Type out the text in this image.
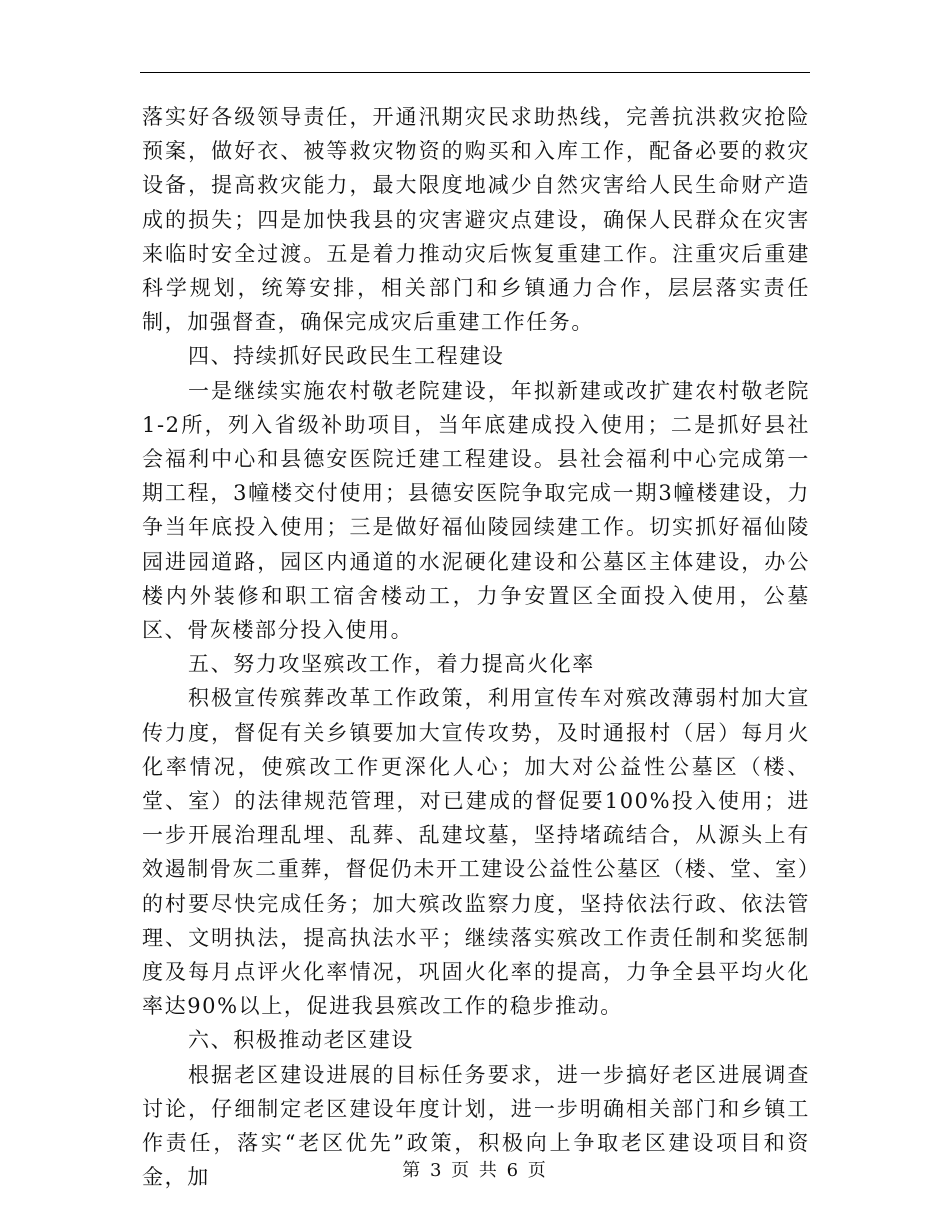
落实好各级领导责任，开通汛期灾民求助热线，完善抗洪救灾抢险预案，做好衣、被等救灾物资的购买和入库工作，配备必要的救灾设备，提高救灾能力，最大限度地减少自然灾害给人民生命财产造成的损失；四是加快我县的灾害避灾点建设，确保人民群众在灾害来临时安全过渡。五是着力推动灾后恢复重建工作。注重灾后重建科学规划，统筹安排，相关部门和乡镇通力合作，层层落实责任制，加强督查，确保完成灾后重建工作任务。

四、持续抓好民政民生工程建设

一是继续实施农村敬老院建设，年拟新建或改扩建农村敬老院1-2所，列入省级补助项目，当年底建成投入使用；二是抓好县社会福利中心和县德安医院迁建工程建设。县社会福利中心完成第一期工程，3幢楼交付使用；县德安医院争取完成一期3幢楼建设，力争当年底投入使用；三是做好福仙陵园续建工作。切实抓好福仙陵园进园道路，园区内通道的水泥硬化建设和公墓区主体建设，办公楼内外装修和职工宿舍楼动工，力争安置区全面投入使用，公墓区、骨灰楼部分投入使用。

五、努力攻坚殡改工作，着力提高火化率

积极宣传殡葬改革工作政策，利用宣传车对殡改薄弱村加大宣传力度，督促有关乡镇要加大宣传攻势，及时通报村（居）每月火化率情况，使殡改工作更深化人心；加大对公益性公墓区（楼、堂、室）的法律规范管理，对已建成的督促要100%投入使用；进一步开展治理乱埋、乱葬、乱建坟墓，坚持堵疏结合，从源头上有效遏制骨灰二重葬，督促仍未开工建设公益性公墓区（楼、堂、室）的村要尽快完成任务；加大殡改监察力度，坚持依法行政、依法管理、文明执法，提高执法水平；继续落实殡改工作责任制和奖惩制度及每月点评火化率情况，巩固火化率的提高，力争全县平均火化率达90%以上，促进我县殡改工作的稳步推动。

六、积极推动老区建设

根据老区建设进展的目标任务要求，进一步搞好老区进展调查讨论，仔细制定老区建设年度计划，进一步明确相关部门和乡镇工作责任，落实“老区优先”政策，积极向上争取老区建设项目和资金，加	第 3 页 共 6 页
